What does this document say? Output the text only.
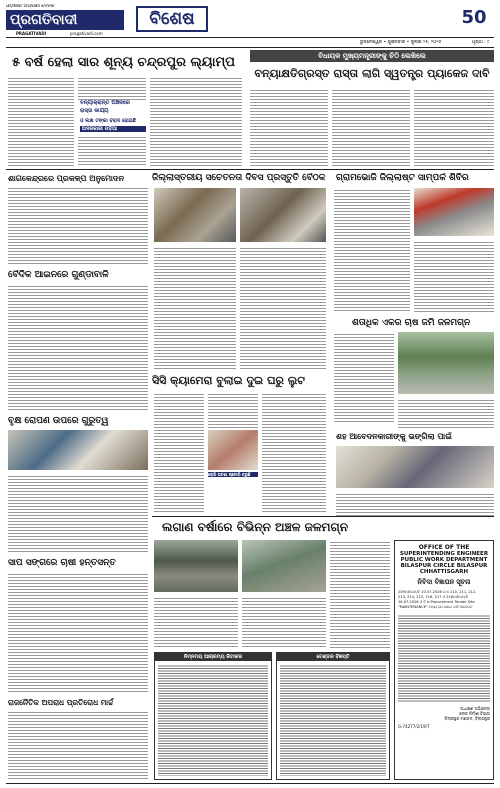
ଓଡ଼ିଶାର ଅଗ୍ରଣୀ ଦୈନିକ
ପ୍ରଗତିବାଦୀ
PRAGATIVADI	pragativadi.com
ବିଶେଷ	50
ଭୁବନେଶ୍ୱର • ଶୁକ୍ରବାର • ଜୁଲାଇ ୨୫, ୨୦୨୫	ପୃଷ୍ଠା : ୯
୫ ବର୍ଷ ହେଲା ସାର ଶୂନ୍ୟ ଚନ୍ଦ୍ରପୁର ଲ୍ୟାମ୍ପ
ବନ୍ୟାକ୍ରାନ୍ତ ଅଞ୍ଚଳରେ
ରାସ୍ତା କାର୍ଯ୍ୟ
ଓ ଲକ୍ଷ ଟଙ୍କା ବରାଦ ହୋଇଛି
ଅଦରକାରୀ ପଡ଼ିଆ
ବିଧାୟକ ମୁଖ୍ୟମନ୍ତ୍ରୀଙ୍କୁ ଚିଠି ଲେଖିଲେ
ବନ୍ୟାକ୍ଷତିଗ୍ରସ୍ତ ରାସ୍ତା ଲାଗି ସ୍ୱତନ୍ତ୍ର ପ୍ୟାକେଜ ଦାବି
ଶାଗକେନ୍ଦ୍ରରେ ପ୍ରକଳ୍ପ ଅନୁମୋଦନ	ଜିଲ୍ଲାସ୍ତରୀୟ ସଚେତନତା ଦିବସ ପ୍ରସ୍ତୁତି ବୈଠକ ଗ୍ରାମଭୋଜି ଜିଲ୍ଲାଷ୍ଟ ସାମ୍ପର୍କ ଶିବିର
ବୈଦିକ ଆଇନରେ ଗୁଣ୍ଡାବାଳି
ସିସି କ୍ୟାମେରା ବୁଲାଇ ଦୁଇ ଘରୁ ଲୁଟ
ଚୋରି ଘଟଣା ଷ୍ଟୋରି କରୁଛି
ଶତାଧିକ ଏକର ଚାଷ ଜମି ଜଳମଗ୍ନ
ବୃକ୍ଷ ରୋପଣ ଉପରେ ଗୁରୁତ୍ୱ
ଶହ ଆବେଦନକାରୀଙ୍କୁ ଭଙ୍ଗିଲା ପାଇଁ
ଲଗାଣ ବର୍ଷାରେ ବିଭିନ୍ନ ଅଞ୍ଚଳ ଜଳମଗ୍ନ
ସାପ ସଙ୍ଗରେ ଚାଷୀ ହନ୍ତସନ୍ତ
OFFICE OF THE
SUPERINTENDING ENGINEER
PUBLIC WORK DEPARTMENT
BILASPUR CIRCLE BILASPUR
CHHATTISGARH
ନିବିଦା ବିଜ୍ଞାପନ ସୂଚନା
209/ସନିଗମ/ଟି 10.07.2026 ତଥା 210, 211, 212,
213, 214, 215, 216, 217 ଓ 218/ସନିଗମ/ଟି
16.07.2026 ଓ ଟି e-Procurement Tender Site
"MAINTENANCE" ମଧ୍ୟ ରେ ଯୋଗ କରି ଆବେଦନ
ଅଧୀକ୍ଷଣ ଅଭିଯନ୍ତା
ଲୋକ ନିର୍ମାଣ ବିଭାଗ
ବିଲାସପୁର ମଣ୍ଡଳ, ବିଲାସପୁର
G-74277/2/19/T
ନିମ୍ନମୟ ଆଚାରମ୍ୟ କିଟାକର	ଟେଣ୍ଡର ବିଜ୍ଞପ୍ତି
ରାଜନୈତିକ ଅପରାଧ ପ୍ରତିରୋଧ ମାର୍ଚ୍ଚ
